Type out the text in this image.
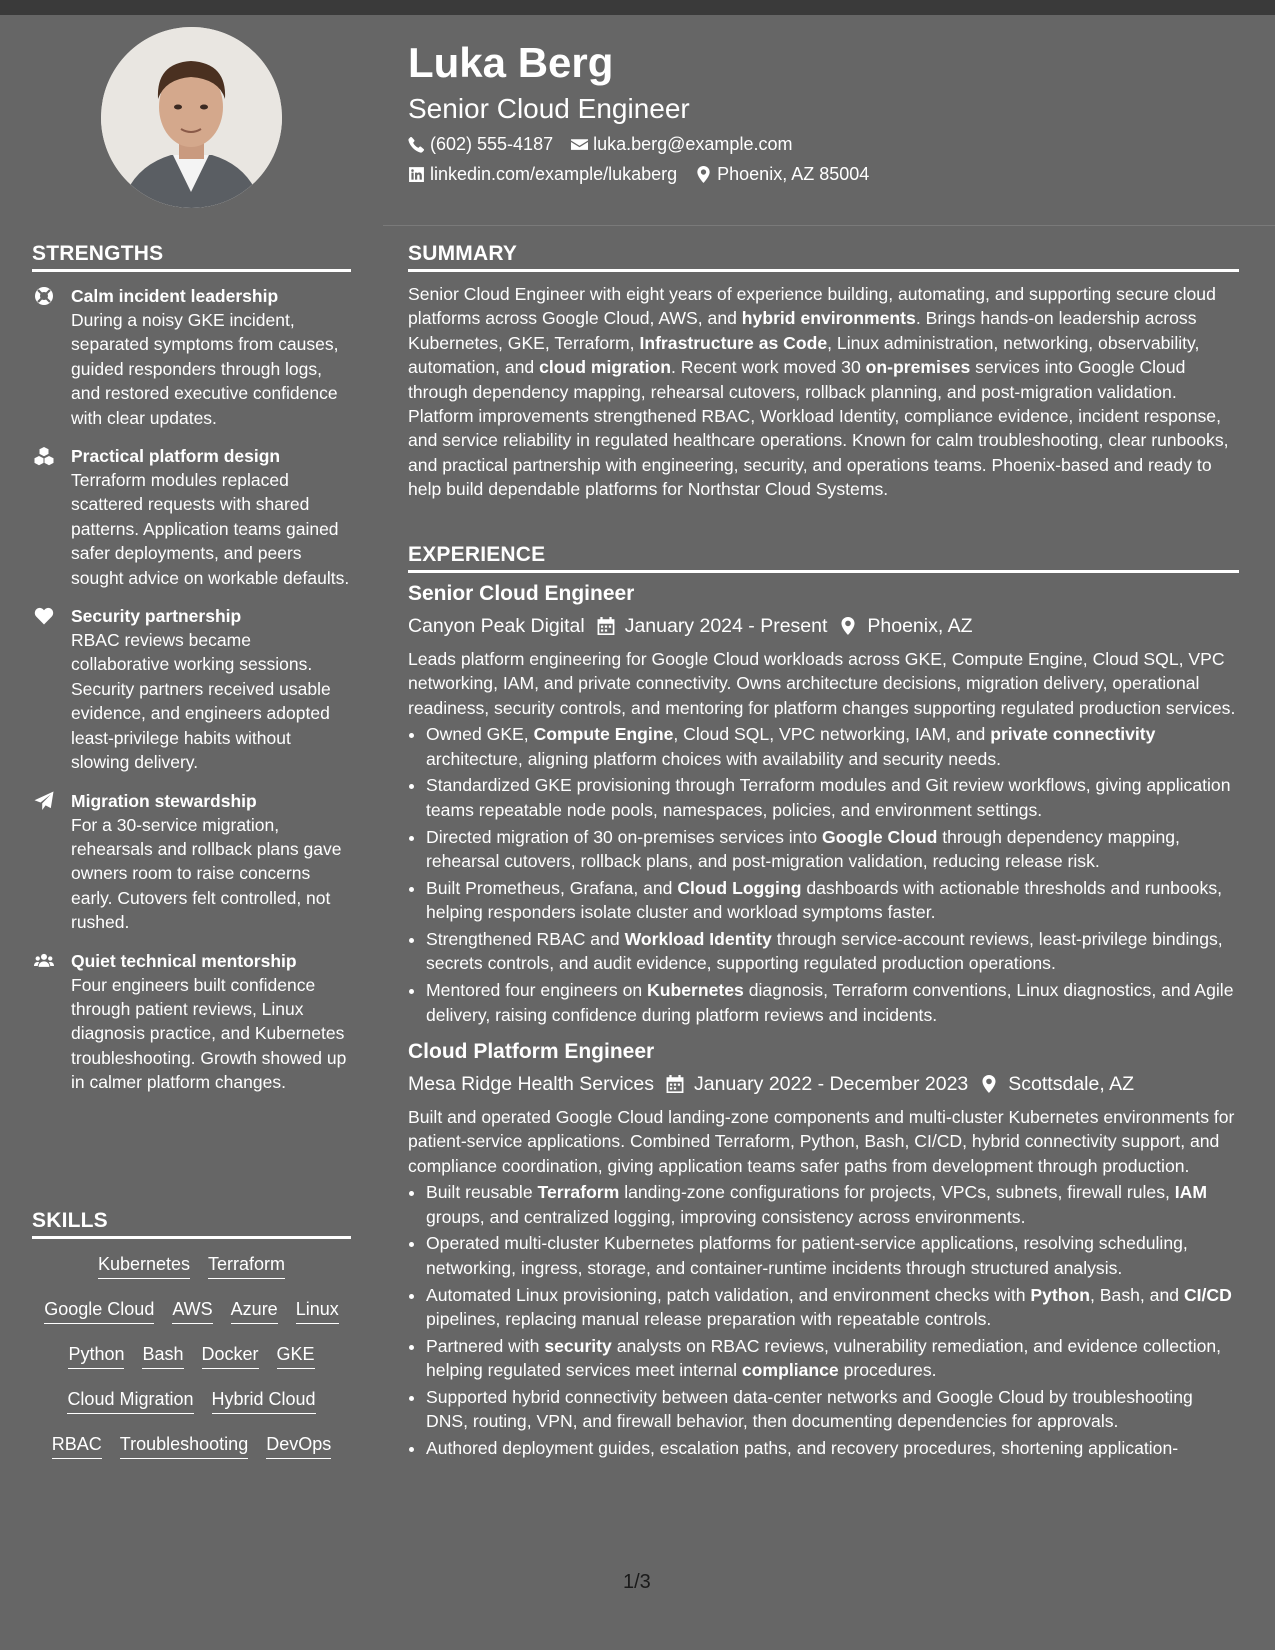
Luka Berg
Senior Cloud Engineer
(602) 555-4187 luka.berg@example.com
linkedin.com/example/lukaberg Phoenix, AZ 85004
STRENGTHS
Calm incident leadership
During a noisy GKE incident, separated symptoms from causes, guided responders through logs, and restored executive confidence with clear updates.
Practical platform design
Terraform modules replaced scattered requests with shared patterns. Application teams gained safer deployments, and peers sought advice on workable defaults.
Security partnership
RBAC reviews became collaborative working sessions. Security partners received usable evidence, and engineers adopted least-privilege habits without slowing delivery.
Migration stewardship
For a 30-service migration, rehearsals and rollback plans gave owners room to raise concerns early. Cutovers felt controlled, not rushed.
Quiet technical mentorship
Four engineers built confidence through patient reviews, Linux diagnosis practice, and Kubernetes troubleshooting. Growth showed up in calmer platform changes.
SKILLS
Kubernetes Terraform
Google Cloud AWS Azure Linux
Python Bash Docker GKE
Cloud Migration Hybrid Cloud
RBAC Troubleshooting DevOps
SUMMARY

Senior Cloud Engineer with eight years of experience building, automating, and supporting secure cloud platforms across Google Cloud, AWS, and hybrid environments. Brings hands-on leadership across Kubernetes, GKE, Terraform, Infrastructure as Code, Linux administration, networking, observability, automation, and cloud migration. Recent work moved 30 on-premises services into Google Cloud through dependency mapping, rehearsal cutovers, rollback planning, and post-migration validation. Platform improvements strengthened RBAC, Workload Identity, compliance evidence, incident response, and service reliability in regulated healthcare operations. Known for calm troubleshooting, clear runbooks, and practical partnership with engineering, security, and operations teams. Phoenix-based and ready to help build dependable platforms for Northstar Cloud Systems.

EXPERIENCE
Senior Cloud Engineer
Canyon Peak Digital January 2024 - Present Phoenix, AZ

Leads platform engineering for Google Cloud workloads across GKE, Compute Engine, Cloud SQL, VPC networking, IAM, and private connectivity. Owns architecture decisions, migration delivery, operational readiness, security controls, and mentoring for platform changes supporting regulated production services.

• Owned GKE, Compute Engine, Cloud SQL, VPC networking, IAM, and private connectivity architecture, aligning platform choices with availability and security needs.
• Standardized GKE provisioning through Terraform modules and Git review workflows, giving application teams repeatable node pools, namespaces, policies, and environment settings.
• Directed migration of 30 on-premises services into Google Cloud through dependency mapping, rehearsal cutovers, rollback plans, and post-migration validation, reducing release risk.
• Built Prometheus, Grafana, and Cloud Logging dashboards with actionable thresholds and runbooks, helping responders isolate cluster and workload symptoms faster.
• Strengthened RBAC and Workload Identity through service-account reviews, least-privilege bindings, secrets controls, and audit evidence, supporting regulated production operations.
• Mentored four engineers on Kubernetes diagnosis, Terraform conventions, Linux diagnostics, and Agile delivery, raising confidence during platform reviews and incidents.
Cloud Platform Engineer
Mesa Ridge Health Services January 2022 - December 2023 Scottsdale, AZ

Built and operated Google Cloud landing-zone components and multi-cluster Kubernetes environments for patient-service applications. Combined Terraform, Python, Bash, CI/CD, hybrid connectivity support, and compliance coordination, giving application teams safer paths from development through production.

• Built reusable Terraform landing-zone configurations for projects, VPCs, subnets, firewall rules, IAM groups, and centralized logging, improving consistency across environments.
• Operated multi-cluster Kubernetes platforms for patient-service applications, resolving scheduling, networking, ingress, storage, and container-runtime incidents through structured analysis.
• Automated Linux provisioning, patch validation, and environment checks with Python, Bash, and CI/CD pipelines, replacing manual release preparation with repeatable controls.
• Partnered with security analysts on RBAC reviews, vulnerability remediation, and evidence collection, helping regulated services meet internal compliance procedures.
• Supported hybrid connectivity between data-center networks and Google Cloud by troubleshooting DNS, routing, VPN, and firewall behavior, then documenting dependencies for approvals.
• Authored deployment guides, escalation paths, and recovery procedures, shortening application-
1/3
